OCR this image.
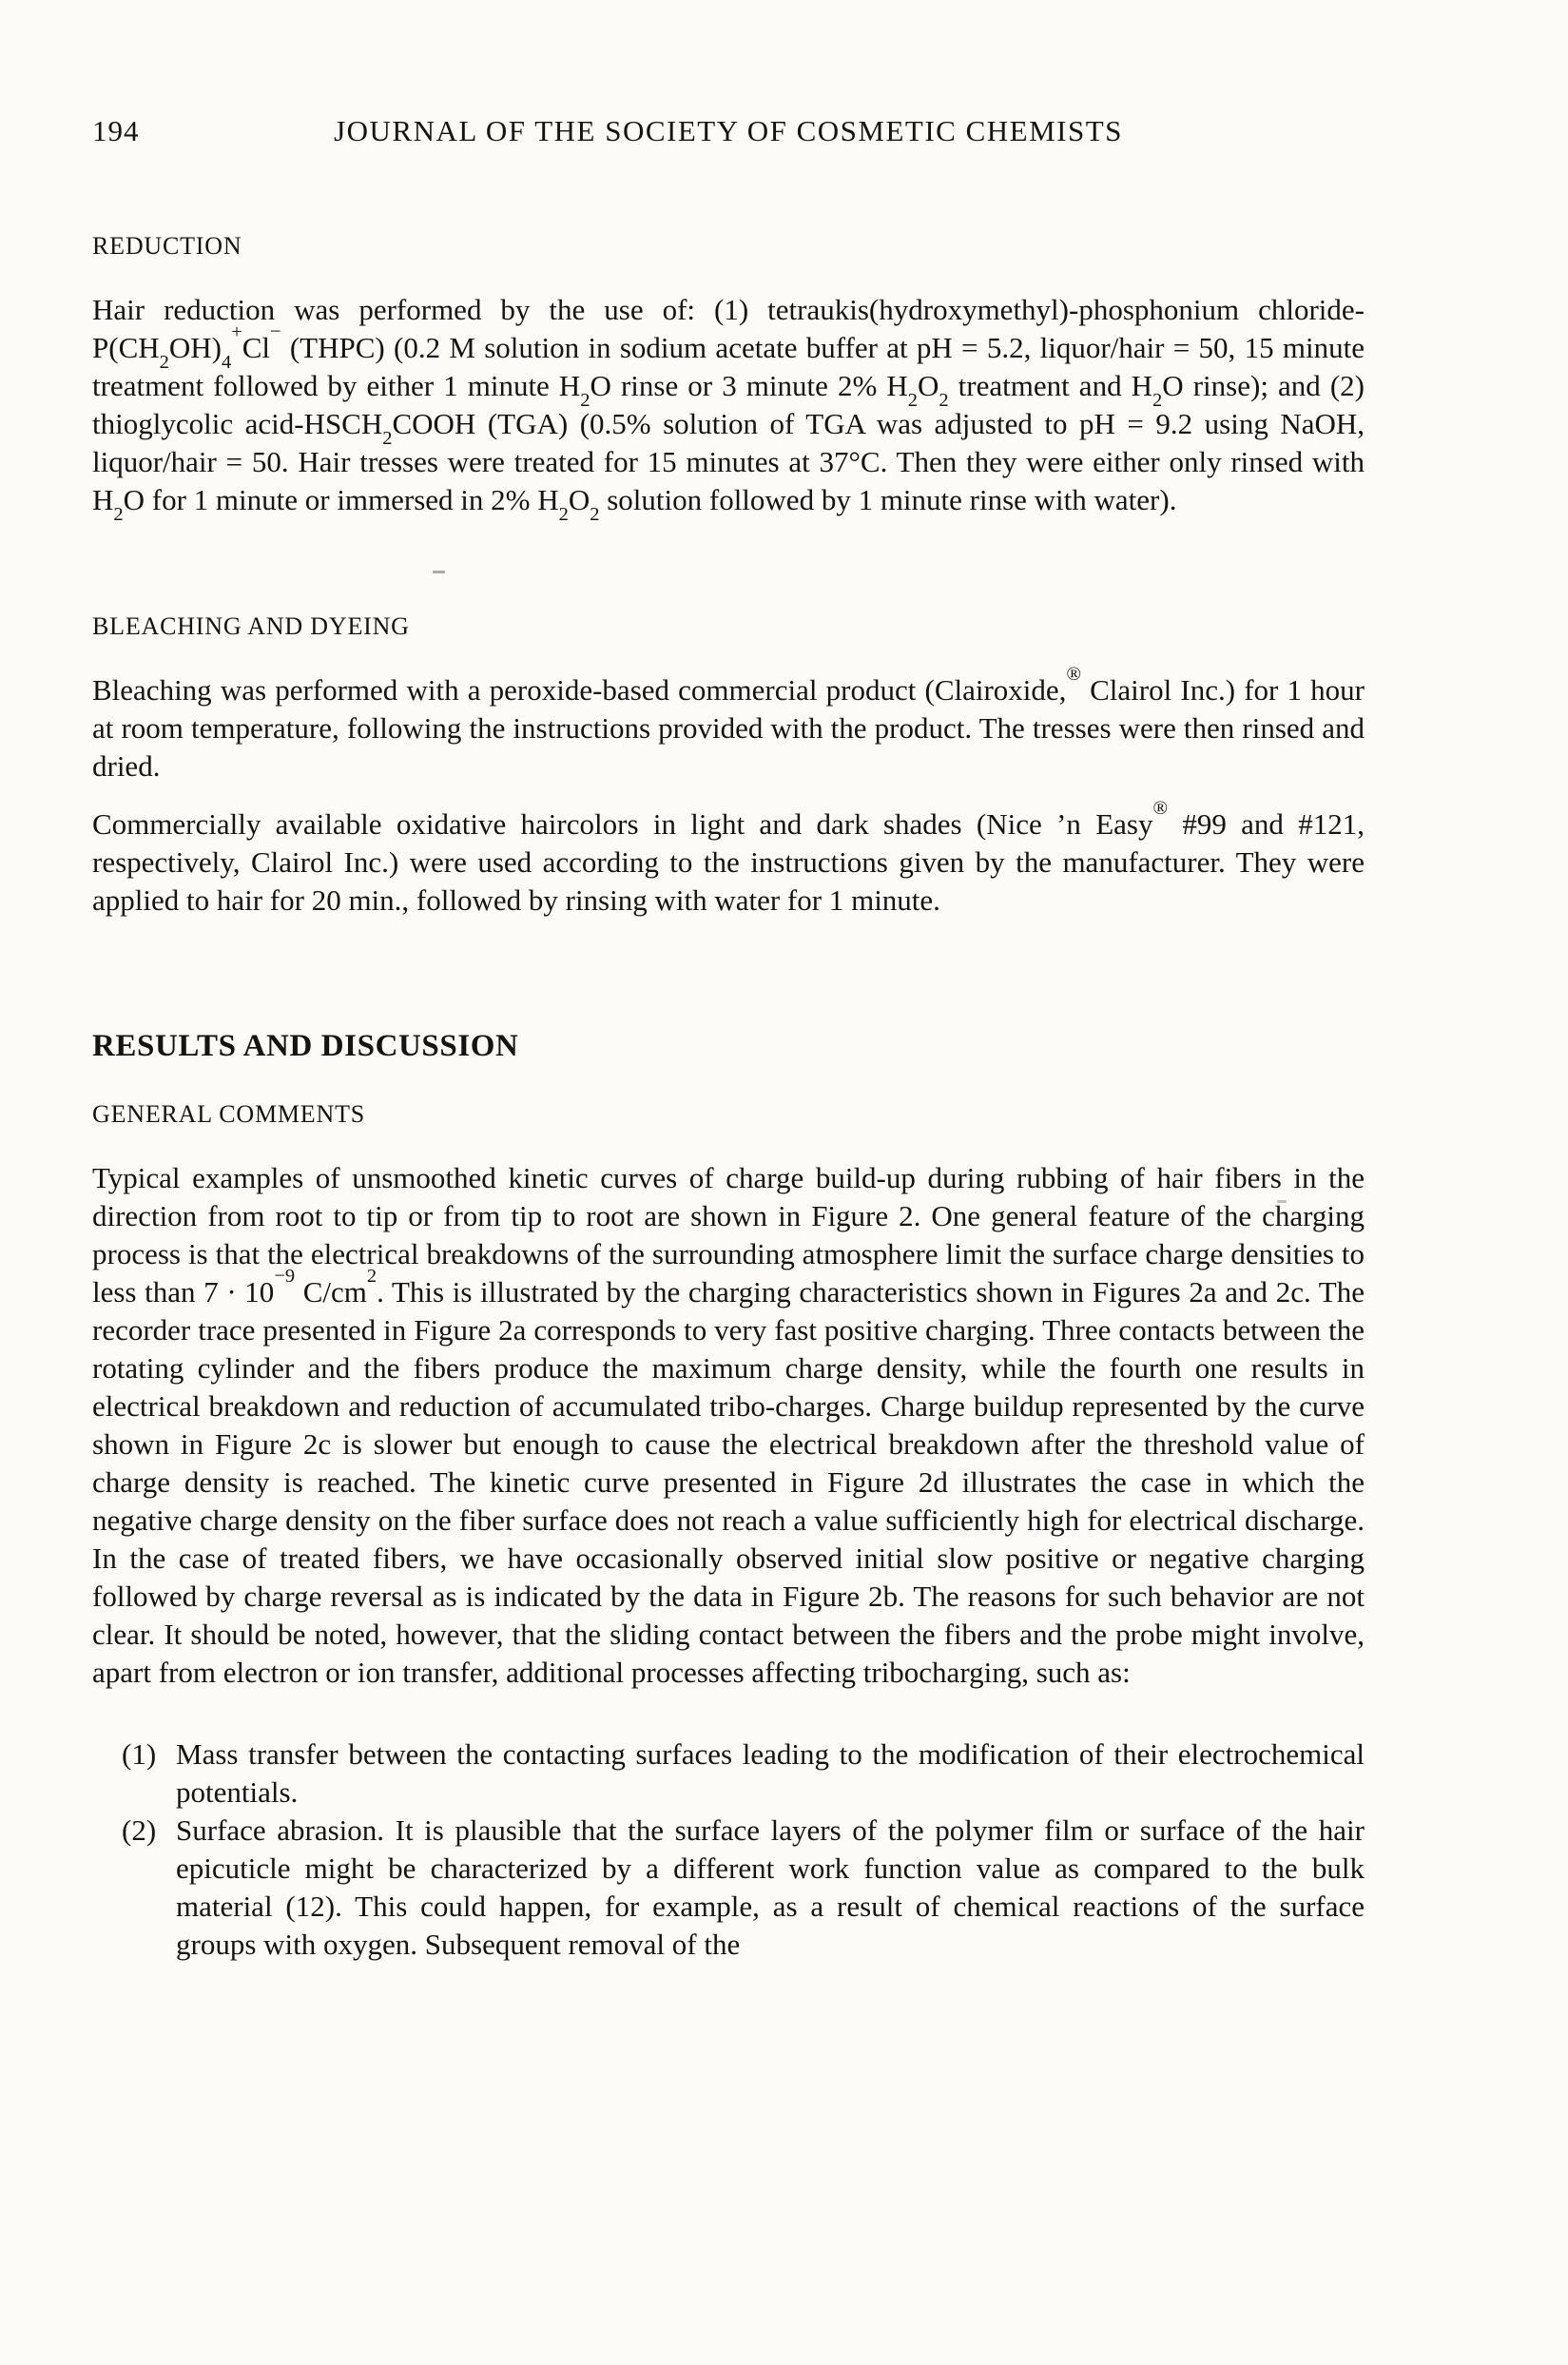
194	JOURNAL OF THE SOCIETY OF COSMETIC CHEMISTS
REDUCTION

Hair reduction was performed by the use of: (1) tetraukis(hydroxymethyl)-phosphonium chloride-$P(CH_2OH)_4^+Cl^-$ (THPC) (0.2 M solution in sodium acetate buffer at pH = 5.2, liquor/hair = 50, 15 minute treatment followed by either 1 minute $H_2O$ rinse or 3 minute 2% $H_2O_2$ treatment and $H_2O$ rinse); and (2) thioglycolic acid-$HSCH_2COOH$ (TGA) (0.5% solution of TGA was adjusted to pH = 9.2 using NaOH, liquor/hair = 50. Hair tresses were treated for 15 minutes at 37°C. Then they were either only rinsed with $H_2O$ for 1 minute or immersed in 2% $H_2O_2$ solution followed by 1 minute rinse with water).

BLEACHING AND DYEING

Bleaching was performed with a peroxide-based commercial product (Clairoxide,® Clairol Inc.) for 1 hour at room temperature, following the instructions provided with the product. The tresses were then rinsed and dried.

Commercially available oxidative haircolors in light and dark shades (Nice ’n Easy® #99 and #121, respectively, Clairol Inc.) were used according to the instructions given by the manufacturer. They were applied to hair for 20 min., followed by rinsing with water for 1 minute.

RESULTS AND DISCUSSION
GENERAL COMMENTS

Typical examples of unsmoothed kinetic curves of charge build-up during rubbing of hair fibers in the direction from root to tip or from tip to root are shown in Figure 2. One general feature of the charging process is that the electrical breakdowns of the surrounding atmosphere limit the surface charge densities to less than $7 \cdot 10^{-9}$ $C/cm^2$. This is illustrated by the charging characteristics shown in Figures 2a and 2c. The recorder trace presented in Figure 2a corresponds to very fast positive charging. Three contacts between the rotating cylinder and the fibers produce the maximum charge density, while the fourth one results in electrical breakdown and reduction of accumulated tribo-charges. Charge buildup represented by the curve shown in Figure 2c is slower but enough to cause the electrical breakdown after the threshold value of charge density is reached. The kinetic curve presented in Figure 2d illustrates the case in which the negative charge density on the fiber surface does not reach a value sufficiently high for electrical discharge. In the case of treated fibers, we have occasionally observed initial slow positive or negative charging followed by charge reversal as is indicated by the data in Figure 2b. The reasons for such behavior are not clear. It should be noted, however, that the sliding contact between the fibers and the probe might involve, apart from electron or ion transfer, additional processes affecting tribocharging, such as:

(1) Mass transfer between the contacting surfaces leading to the modification of their electrochemical potentials.
(2) Surface abrasion. It is plausible that the surface layers of the polymer film or surface of the hair epicuticle might be characterized by a different work function value as compared to the bulk material (12). This could happen, for example, as a result of chemical reactions of the surface groups with oxygen. Subsequent removal of the
